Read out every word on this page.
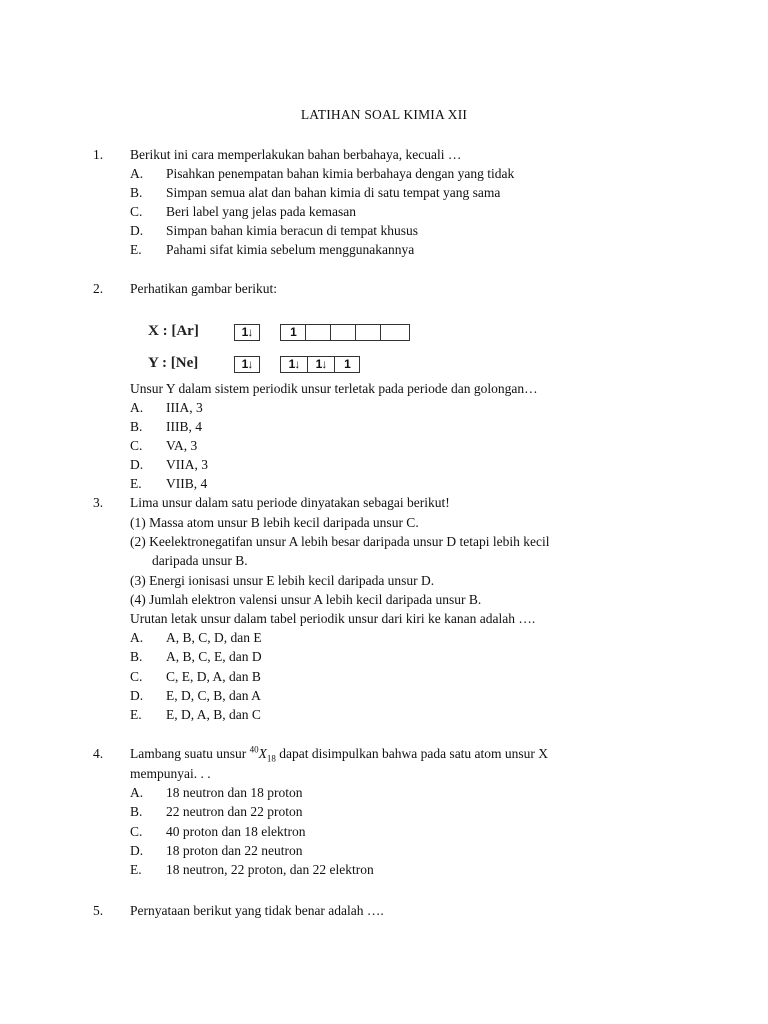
LATIHAN SOAL KIMIA XII
1. Berikut ini cara memperlakukan bahan berbahaya, kecuali …
A. Pisahkan penempatan bahan kimia berbahaya dengan yang tidak
B. Simpan semua alat dan bahan kimia di satu tempat yang sama
C. Beri label yang jelas pada kemasan
D. Simpan bahan kimia beracun di tempat khusus
E. Pahami sifat kimia sebelum menggunakannya
2. Perhatikan gambar berikut:
X : [Ar]	1↓	1
Y : [Ne]	1↓	1↓	1↓	1
Unsur Y dalam sistem periodik unsur terletak pada periode dan golongan…
A. IIIA, 3
B. IIIB, 4
C. VA, 3
D. VIIA, 3
E. VIIB, 4
3. Lima unsur dalam satu periode dinyatakan sebagai berikut!
(1) Massa atom unsur B lebih kecil daripada unsur C.
(2) Keelektronegatifan unsur A lebih besar daripada unsur D tetapi lebih kecil
daripada unsur B.
(3) Energi ionisasi unsur E lebih kecil daripada unsur D.
(4) Jumlah elektron valensi unsur A lebih kecil daripada unsur B.
Urutan letak unsur dalam tabel periodik unsur dari kiri ke kanan adalah ….
A. A, B, C, D, dan E
B. A, B, C, E, dan D
C. C, E, D, A, dan B
D. E, D, C, B, dan A
E. E, D, A, B, dan C
4. Lambang suatu unsur $^{40}X_{18}$ dapat disimpulkan bahwa pada satu atom unsur X
mempunyai. . .
A. 18 neutron dan 18 proton
B. 22 neutron dan 22 proton
C. 40 proton dan 18 elektron
D. 18 proton dan 22 neutron
E. 18 neutron, 22 proton, dan 22 elektron
5. Pernyataan berikut yang tidak benar adalah ….
